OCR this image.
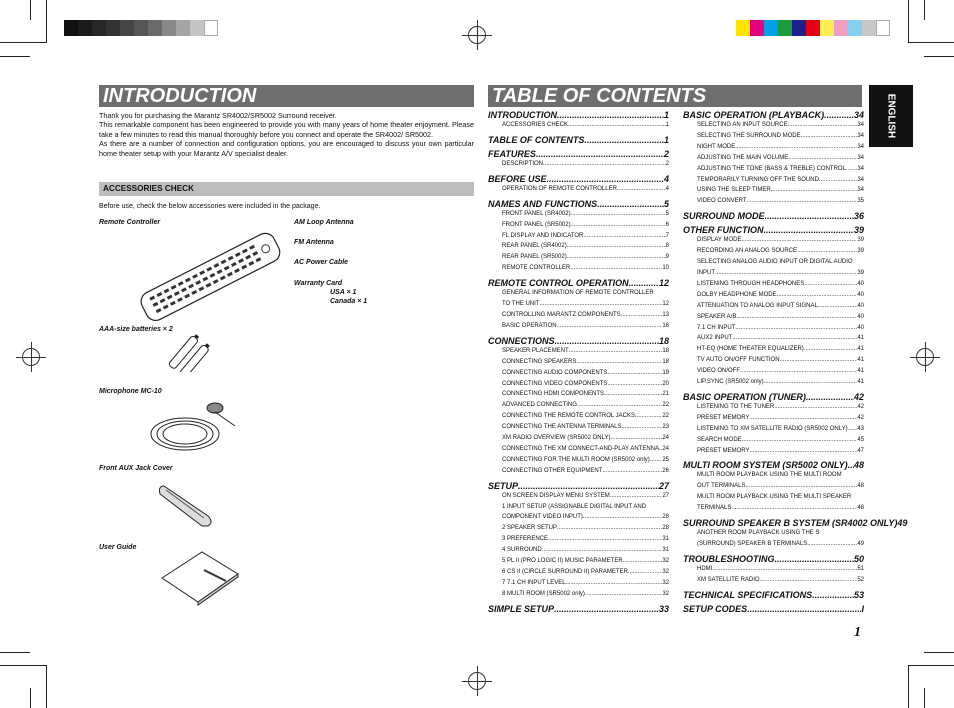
INTRODUCTION

Thank you for purchasing the Marantz SR4002/SR5002 Surround receiver.

This remarkable component has been engineered to provide you with many years of home theater enjoyment. Please take a few minutes to read this manual thoroughly before you connect and operate the SR4002/ SR5002.

As there are a number of connection and configuration options, you are encouraged to discuss your own particular home theater setup with your Marantz A/V specialist dealer.

ACCESSORIES CHECK
Before use, check the below accessories were included in the package.
Remote Controller	AM Loop Antenna
FM Antenna
AC Power Cable
Warranty Card
USA × 1
Canada × 1
AAA-size batteries × 2
Microphone MC-10
Front AUX Jack Cover
User Guide
TABLE OF CONTENTS
INTRODUCTION .....	1
ACCESSORIES CHECK .....	1
TABLE OF CONTENTS .....	1
FEATURES .....	2
DESCRIPTION .....	2
BEFORE USE .....	4
OPERATION OF REMOTE CONTROLLER .....	4
NAMES AND FUNCTIONS .....	5
FRONT PANEL (SR4002) .....	5
FRONT PANEL (SR5002) .....	6
FL DISPLAY AND INDICATOR .....	7
REAR PANEL (SR4002) .....	8
REAR PANEL (SR5002) .....	9
REMOTE CONTROLLER .....	10
REMOTE CONTROL OPERATION .....	12
GENERAL INFORMATION OF REMOTE CONTROLLER
TO THE UNIT .....	12
CONTROLLING MARANTZ COMPONENTS .....	13
BASIC OPERATION .....	16
CONNECTIONS .....	18
SPEAKER PLACEMENT .....	18
CONNECTING SPEAKERS .....	18
CONNECTING AUDIO COMPONENTS .....	19
CONNECTING VIDEO COMPONENTS .....	20
CONNECTING HDMI COMPONENTS .....	21
ADVANCED CONNECTING .....	22
CONNECTING THE REMOTE CONTROL JACKS .....	22
CONNECTING THE ANTENNA TERMINALS .....	23
XM RADIO OVERVIEW (SR5002 ONLY) .....	24
CONNECTING THE XM CONNECT-AND-PLAY ANTENNA ..... 24
CONNECTING FOR THE MULTI ROOM (SR5002 only) ..... 25
CONNECTING OTHER EQUIPMENT .....	26
SETUP .....	27
ON SCREEN DISPLAY MENU SYSTEM .....	27
1 INPUT SETUP (ASSIGNABLE DIGITAL INPUT AND
COMPONENT VIDEO INPUT) .....	28
2 SPEAKER SETUP .....	28
3 PREFERENCE .....	31
4 SURROUND .....	31
5 PL II (PRO LOGIC II) MUSIC PARAMETER .....	32
6 CS II (CIRCLE SURROUND II) PARAMETER .....	32
7 7.1 CH INPUT LEVEL .....	32
8 MULTI ROOM (SR5002 only) .....	32
SIMPLE SETUP .....	33
BASIC OPERATION (PLAYBACK) .....	34
SELECTING AN INPUT SOURCE .....	34
SELECTING THE SURROUND MODE .....	34
NIGHT MODE .....	34
ADJUSTING THE MAIN VOLUME .....	34
ADJUSTING THE TONE (BASS & TREBLE) CONTROL ..... 34
TEMPORARILY TURNING OFF THE SOUND .....	34
USING THE SLEEP TIMER .....	34
VIDEO CONVERT .....	35
SURROUND MODE .....	36
OTHER FUNCTION .....	39
DISPLAY MODE .....	39
RECORDING AN ANALOG SOURCE .....	39
SELECTING ANALOG AUDIO INPUT OR DIGITAL AUDIO
INPUT .....	39
LISTENING THROUGH HEADPHONES .....	40
DOLBY HEADPHONE MODE .....	40
ATTENUATION TO ANALOG INPUT SIGNAL .....	40
SPEAKER A/B .....	40
7.1 CH INPUT .....	40
AUX2 INPUT .....	41
HT-EQ (HOME THEATER EQUALIZER) .....	41
TV AUTO ON/OFF FUNCTION .....	41
VIDEO ON/OFF .....	41
LIP.SYNC (SR5002 only) .....	41
BASIC OPERATION (TUNER) .....	42
LISTENING TO THE TUNER .....	42
PRESET MEMORY .....	42
LISTENING TO XM SATELLITE RADIO (SR5002 ONLY) ..... 43
SEARCH MODE .....	45
PRESET MEMORY .....	47
MULTI ROOM SYSTEM (SR5002 ONLY) ..... 48
MULTI ROOM PLAYBACK USING THE MULTI ROOM
OUT TERMINALS .....	48
MULTI ROOM PLAYBACK USING THE MULTI SPEAKER
TERMINALS .....	48
SURROUND SPEAKER B SYSTEM (SR4002 ONLY) 49
ANOTHER ROOM PLAYBACK USING THE S
(SURROUND) SPEAKER B TERMINALS .....	49
TROUBLESHOOTING .....	50
HDMI .....	51
XM SATELLITE RADIO .....	52
TECHNICAL SPECIFICATIONS .....	53
SETUP CODES .....	I
ENGLISH
1
